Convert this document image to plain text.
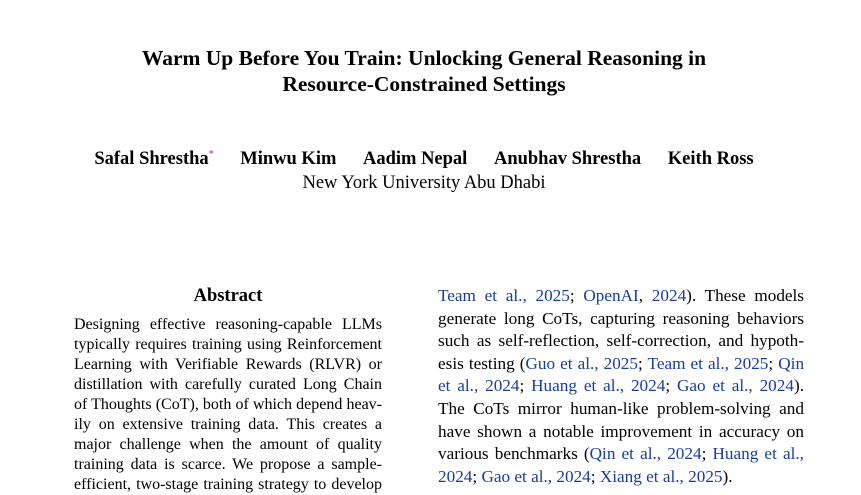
Warm Up Before You Train: Unlocking General Reasoning in
Resource-Constrained Settings
Safal Shrestha* Minwu Kim Aadim Nepal Anubhav Shrestha Keith Ross
New York University Abu Dhabi
Abstract
Designing effective reasoning-capable LLMs
typically requires training using Reinforcement
Learning with Verifiable Rewards (RLVR) or
distillation with carefully curated Long Chain
of Thoughts (CoT), both of which depend heav-
ily on extensive training data. This creates a
major challenge when the amount of quality
training data is scarce. We propose a sample-
efficient, two-stage training strategy to develop
Team et al., 2025; OpenAI, 2024). These models
generate long CoTs, capturing reasoning behaviors
such as self-reflection, self-correction, and hypoth-
esis testing (Guo et al., 2025; Team et al., 2025; Qin
et al., 2024; Huang et al., 2024; Gao et al., 2024).
The CoTs mirror human-like problem-solving and
have shown a notable improvement in accuracy on
various benchmarks (Qin et al., 2024; Huang et al.,
2024; Gao et al., 2024; Xiang et al., 2025).
